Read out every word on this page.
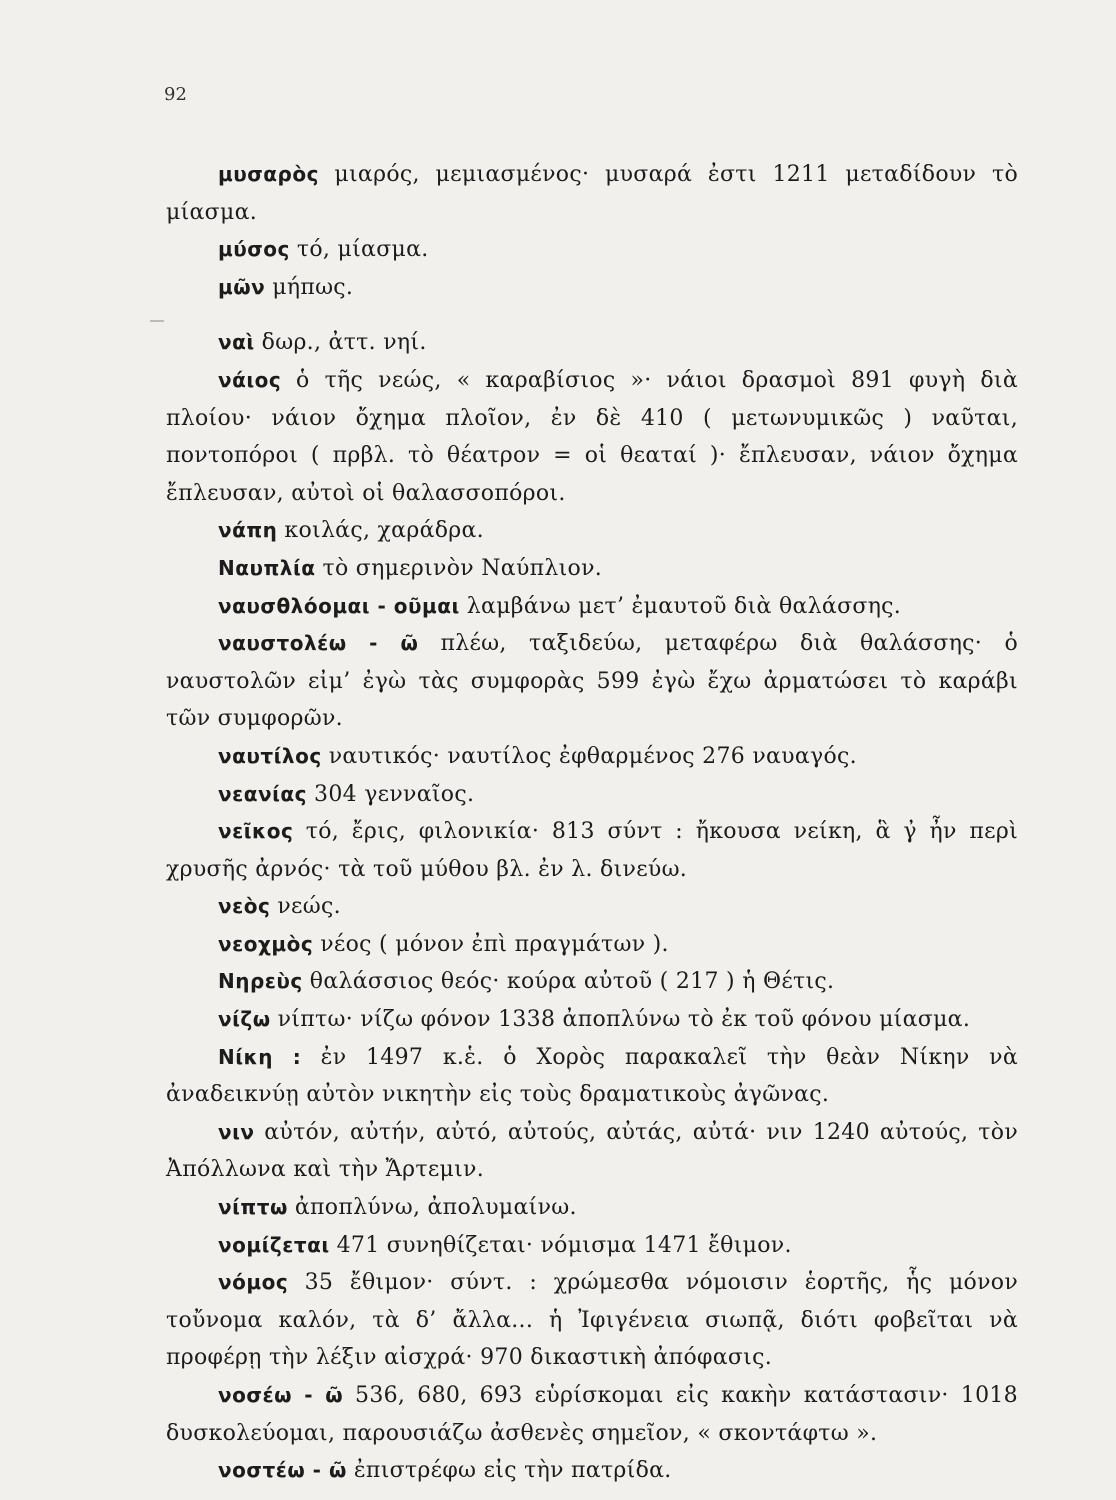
92

μυσαρὸς μιαρός, μεμιασμένος· μυσαρά ἐστι 1211 μεταδίδουν τὸ μίασμα.

μύσος τό, μίασμα.

μῶν μήπως.

ναὶ δωρ., ἀττ. νηί.

νάιος ὁ τῆς νεώς, « καραβίσιος »· νάιοι δρασμοὶ 891 φυγὴ διὰ πλοίου· νάιον ὄχημα πλοῖον, ἐν δὲ 410 ( μετωνυμικῶς ) ναῦται, ποντοπόροι ( πρβλ. τὸ θέατρον = οἱ θεαταί )· ἔπλευσαν, νάιον ὄχημα ἔπλευσαν, αὐτοὶ οἱ θαλασσοπόροι.

νάπη κοιλάς, χαράδρα.

Ναυπλία τὸ σημερινὸν Ναύπλιον.

ναυσθλόομαι - οῦμαι λαμβάνω μετ’ ἐμαυτοῦ διὰ θαλάσσης.

ναυστολέω - ῶ πλέω, ταξιδεύω, μεταφέρω διὰ θαλάσσης· ὁ ναυστολῶν εἰμ’ ἐγὼ τὰς συμφορὰς 599 ἐγὼ ἔχω ἀρματώσει τὸ καράβι τῶν συμφορῶν.

ναυτίλος ναυτικός· ναυτίλος ἐφθαρμένος 276 ναυαγός.

νεανίας 304 γενναῖος.

νεῖκος τό, ἔρις, φιλονικία· 813 σύντ : ἤκουσα νείκη, ἃ γ̓ ἦν περὶ χρυσῆς ἀρνός· τὰ τοῦ μύθου βλ. ἐν λ. δινεύω.

νεὸς νεώς.

νεοχμὸς νέος ( μόνον ἐπὶ πραγμάτων ).

Νηρεὺς θαλάσσιος θεός· κούρα αὐτοῦ ( 217 ) ἡ Θέτις.

νίζω νίπτω· νίζω φόνον 1338 ἀποπλύνω τὸ ἐκ τοῦ φόνου μίασμα.

Νίκη : ἐν 1497 κ.ἑ. ὁ Χορὸς παρακαλεῖ τὴν θεὰν Νίκην νὰ ἀναδεικνύῃ αὐτὸν νικητὴν εἰς τοὺς δραματικοὺς ἀγῶνας.

νιν αὐτόν, αὐτήν, αὐτό, αὐτούς, αὐτάς, αὐτά· νιν 1240 αὐτούς, τὸν Ἀπόλλωνα καὶ τὴν Ἄρτεμιν.

νίπτω ἀποπλύνω, ἀπολυμαίνω.

νομίζεται 471 συνηθίζεται· νόμισμα 1471 ἔθιμον.

νόμος 35 ἔθιμον· σύντ. : χρώμεσθα νόμοισιν ἑορτῆς, ἧς μόνον τοὔνομα καλόν, τὰ δ’ ἄλλα... ἡ Ἰφιγένεια σιωπᾷ, διότι φοβεῖται νὰ προφέρῃ τὴν λέξιν αἰσχρά· 970 δικαστικὴ ἀπόφασις.

νοσέω - ῶ 536, 680, 693 εὑρίσκομαι εἰς κακὴν κατάστασιν· 1018 δυσκολεύομαι, παρουσιάζω ἀσθενὲς σημεῖον, « σκοντάφτω ».

νοστέω - ῶ ἐπιστρέφω εἰς τὴν πατρίδα.
